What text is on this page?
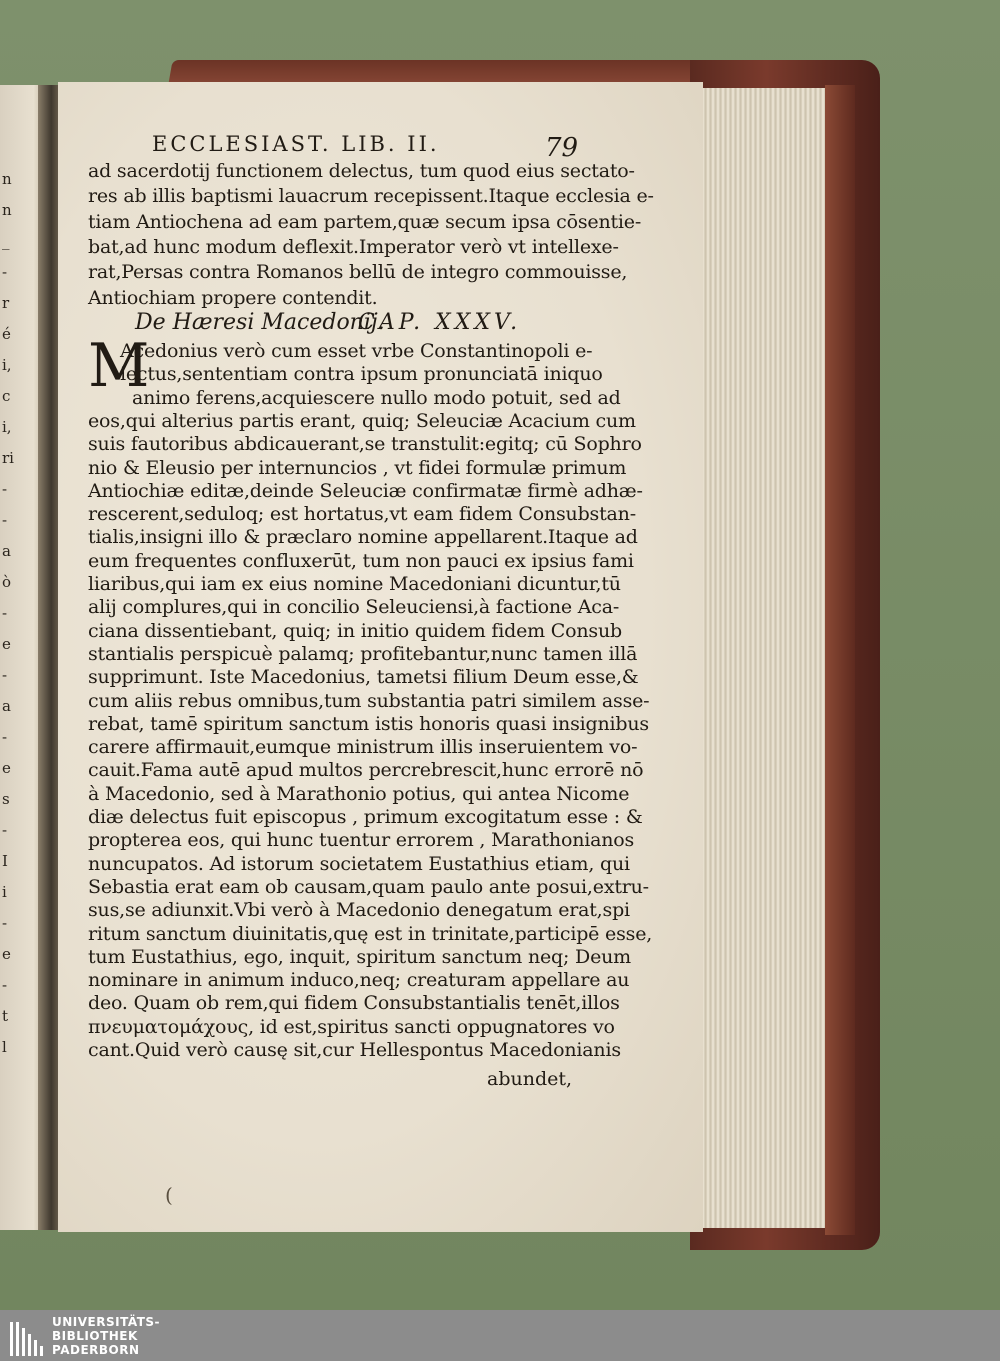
n
n
_
-
r
é
i,
c
i,
ri
-
-
a
ò
-
e
-
a
-
e
s
-
I
i
-
e
-
t
l
ECCLESIAST. LIB. II.	79
ad sacerdotij functionem delectus, tum quod eius sectato-
res ab illis baptismi lauacrum recepissent.Itaque ecclesia e-
tiam Antiochena ad eam partem,quæ secum ipsa cōsentie-
bat,ad hunc modum deflexit.Imperator verò vt intellexe-
rat,Persas contra Romanos bellū de integro commouisse,
Antiochiam propere contendit.
De Hæresi Macedonij.
CAP. XXXV.
M
Acedonius verò cum esset vrbe Constantinopoli e-
iectus,sententiam contra ipsum pronunciatā iniquo
animo ferens,acquiescere nullo modo potuit, sed ad
eos,qui alterius partis erant, quiq; Seleuciæ Acacium cum
suis fautoribus abdicauerant,se transtulit:egitq; cū Sophro
nio & Eleusio per internuncios , vt fidei formulæ primum
Antiochiæ editæ,deinde Seleuciæ confirmatæ firmè adhæ-
rescerent,seduloq; est hortatus,vt eam fidem Consubstan-
tialis,insigni illo & præclaro nomine appellarent.Itaque ad
eum frequentes confluxerūt, tum non pauci ex ipsius fami
liaribus,qui iam ex eius nomine Macedoniani dicuntur,tū
alij complures,qui in concilio Seleuciensi,à factione Aca-
ciana dissentiebant, quiq; in initio quidem fidem Consub
stantialis perspicuè palamq; profitebantur,nunc tamen illā
supprimunt. Iste Macedonius, tametsi filium Deum esse,&
cum aliis rebus omnibus,tum substantia patri similem asse-
rebat, tamē spiritum sanctum istis honoris quasi insignibus
carere affirmauit,eumque ministrum illis inseruientem vo-
cauit.Fama autē apud multos percrebrescit,hunc errorē nō
à Macedonio, sed à Marathonio potius, qui antea Nicome
diæ delectus fuit episcopus , primum excogitatum esse : &
propterea eos, qui hunc tuentur errorem , Marathonianos
nuncupatos. Ad istorum societatem Eustathius etiam, qui
Sebastia erat eam ob causam,quam paulo ante posui,extru-
sus,se adiunxit.Vbi verò à Macedonio denegatum erat,spi
ritum sanctum diuinitatis,quę est in trinitate,participē esse,
tum Eustathius, ego, inquit, spiritum sanctum neq; Deum
nominare in animum induco,neq; creaturam appellare au
deo. Quam ob rem,qui fidem Consubstantialis tenēt,illos
πνευματομάχους, id est,spiritus sancti oppugnatores vo
cant.Quid verò causę sit,cur Hellespontus Macedonianis
abundet,
(
UNIVERSITÄTS-
BIBLIOTHEK
PADERBORN
